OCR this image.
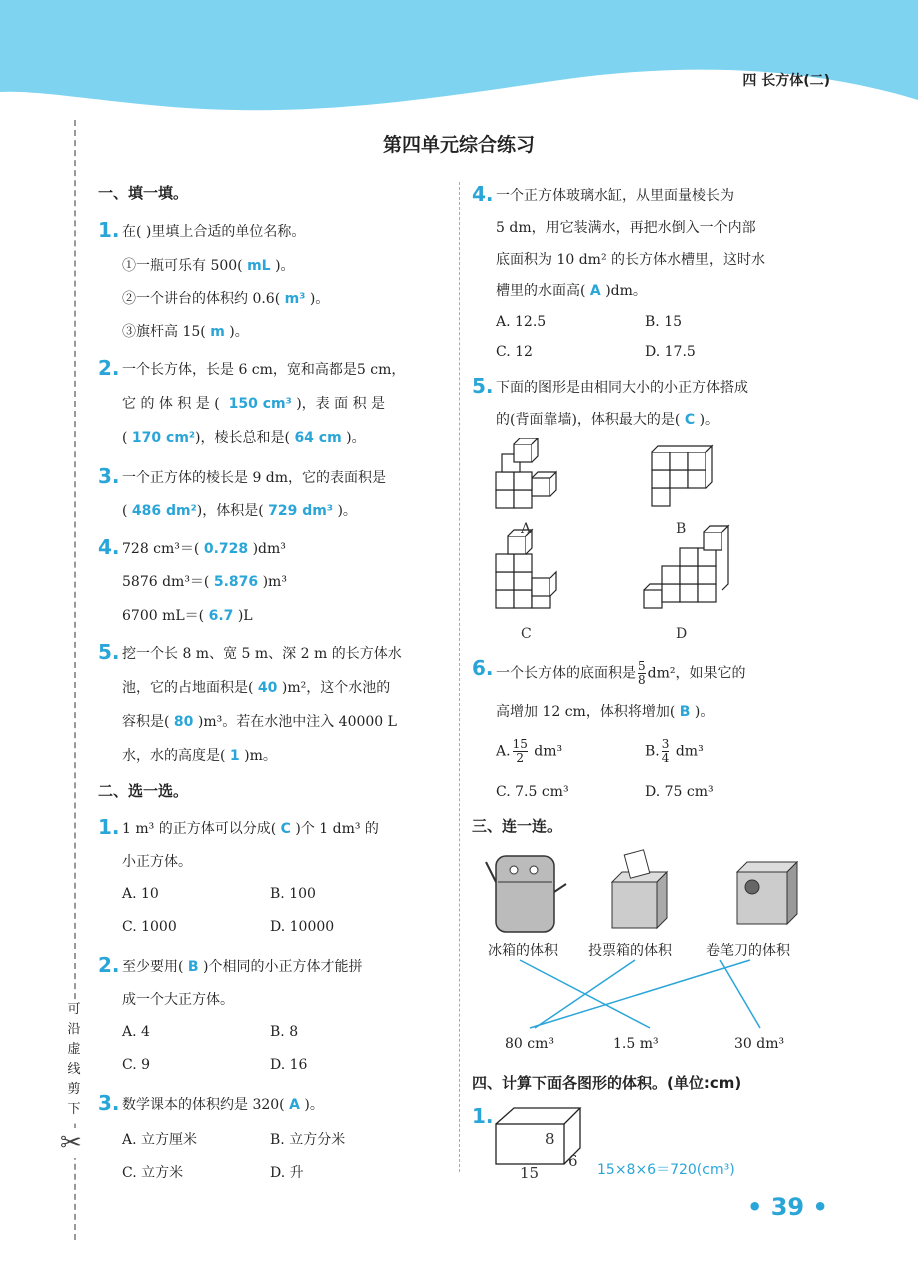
四 长方体(二)
第四单元综合练习
可沿虚线剪下
✂
一、填一填。
1. 在( )里填上合适的单位名称。
①一瓶可乐有 500( mL )。
②一个讲台的体积约 0.6( m³ )。
③旗杆高 15( m )。
2. 一个长方体，长是 6 cm，宽和高都是5 cm，
它 的 体 积 是 ( 150 cm³ )，表 面 积 是
( 170 cm²)，棱长总和是( 64 cm )。
3. 一个正方体的棱长是 9 dm，它的表面积是
( 486 dm²)，体积是( 729 dm³ )。
4. 728 cm³＝( 0.728 )dm³
5876 dm³＝( 5.876 )m³
6700 mL＝( 6.7 )L
5. 挖一个长 8 m、宽 5 m、深 2 m 的长方体水
池，它的占地面积是( 40 )m²，这个水池的
容积是( 80 )m³。若在水池中注入 40000 L
水，水的高度是( 1 )m。
二、选一选。
1. 1 m³ 的正方体可以分成( C )个 1 dm³ 的
小正方体。
A. 10	B. 100
C. 1000	D. 10000
2. 至少要用( B )个相同的小正方体才能拼
成一个大正方体。
A. 4	B. 8
C. 9	D. 16
3. 数学课本的体积约是 320( A )。
A. 立方厘米	B. 立方分米
C. 立方米	D. 升
4. 一个正方体玻璃水缸，从里面量棱长为
5 dm，用它装满水，再把水倒入一个内部
底面积为 10 dm² 的长方体水槽里，这时水
槽里的水面高( A )dm。
A. 12.5	B. 15
C. 12	D. 17.5
5. 下面的图形是由相同大小的小正方体搭成
的(背面靠墙)，体积最大的是( C )。
A	B
C	D
6. 一个长方体的底面积是 $\frac{5}{8} dm^2$，如果它的
高增加 12 cm，体积将增加( B )。
A. $\frac{15}{2} dm^3$	B. $\frac{3}{4} dm^3$
C. 7.5 cm³	D. 75 cm³
三、连一连。
冰箱的体积 投票箱的体积 卷笔刀的体积
80 cm³	1.5 m³	30 dm³
四、计算下面各图形的体积。(单位:cm)
1.
8
15
6 15×8×6＝720(cm³)
• 39 •
